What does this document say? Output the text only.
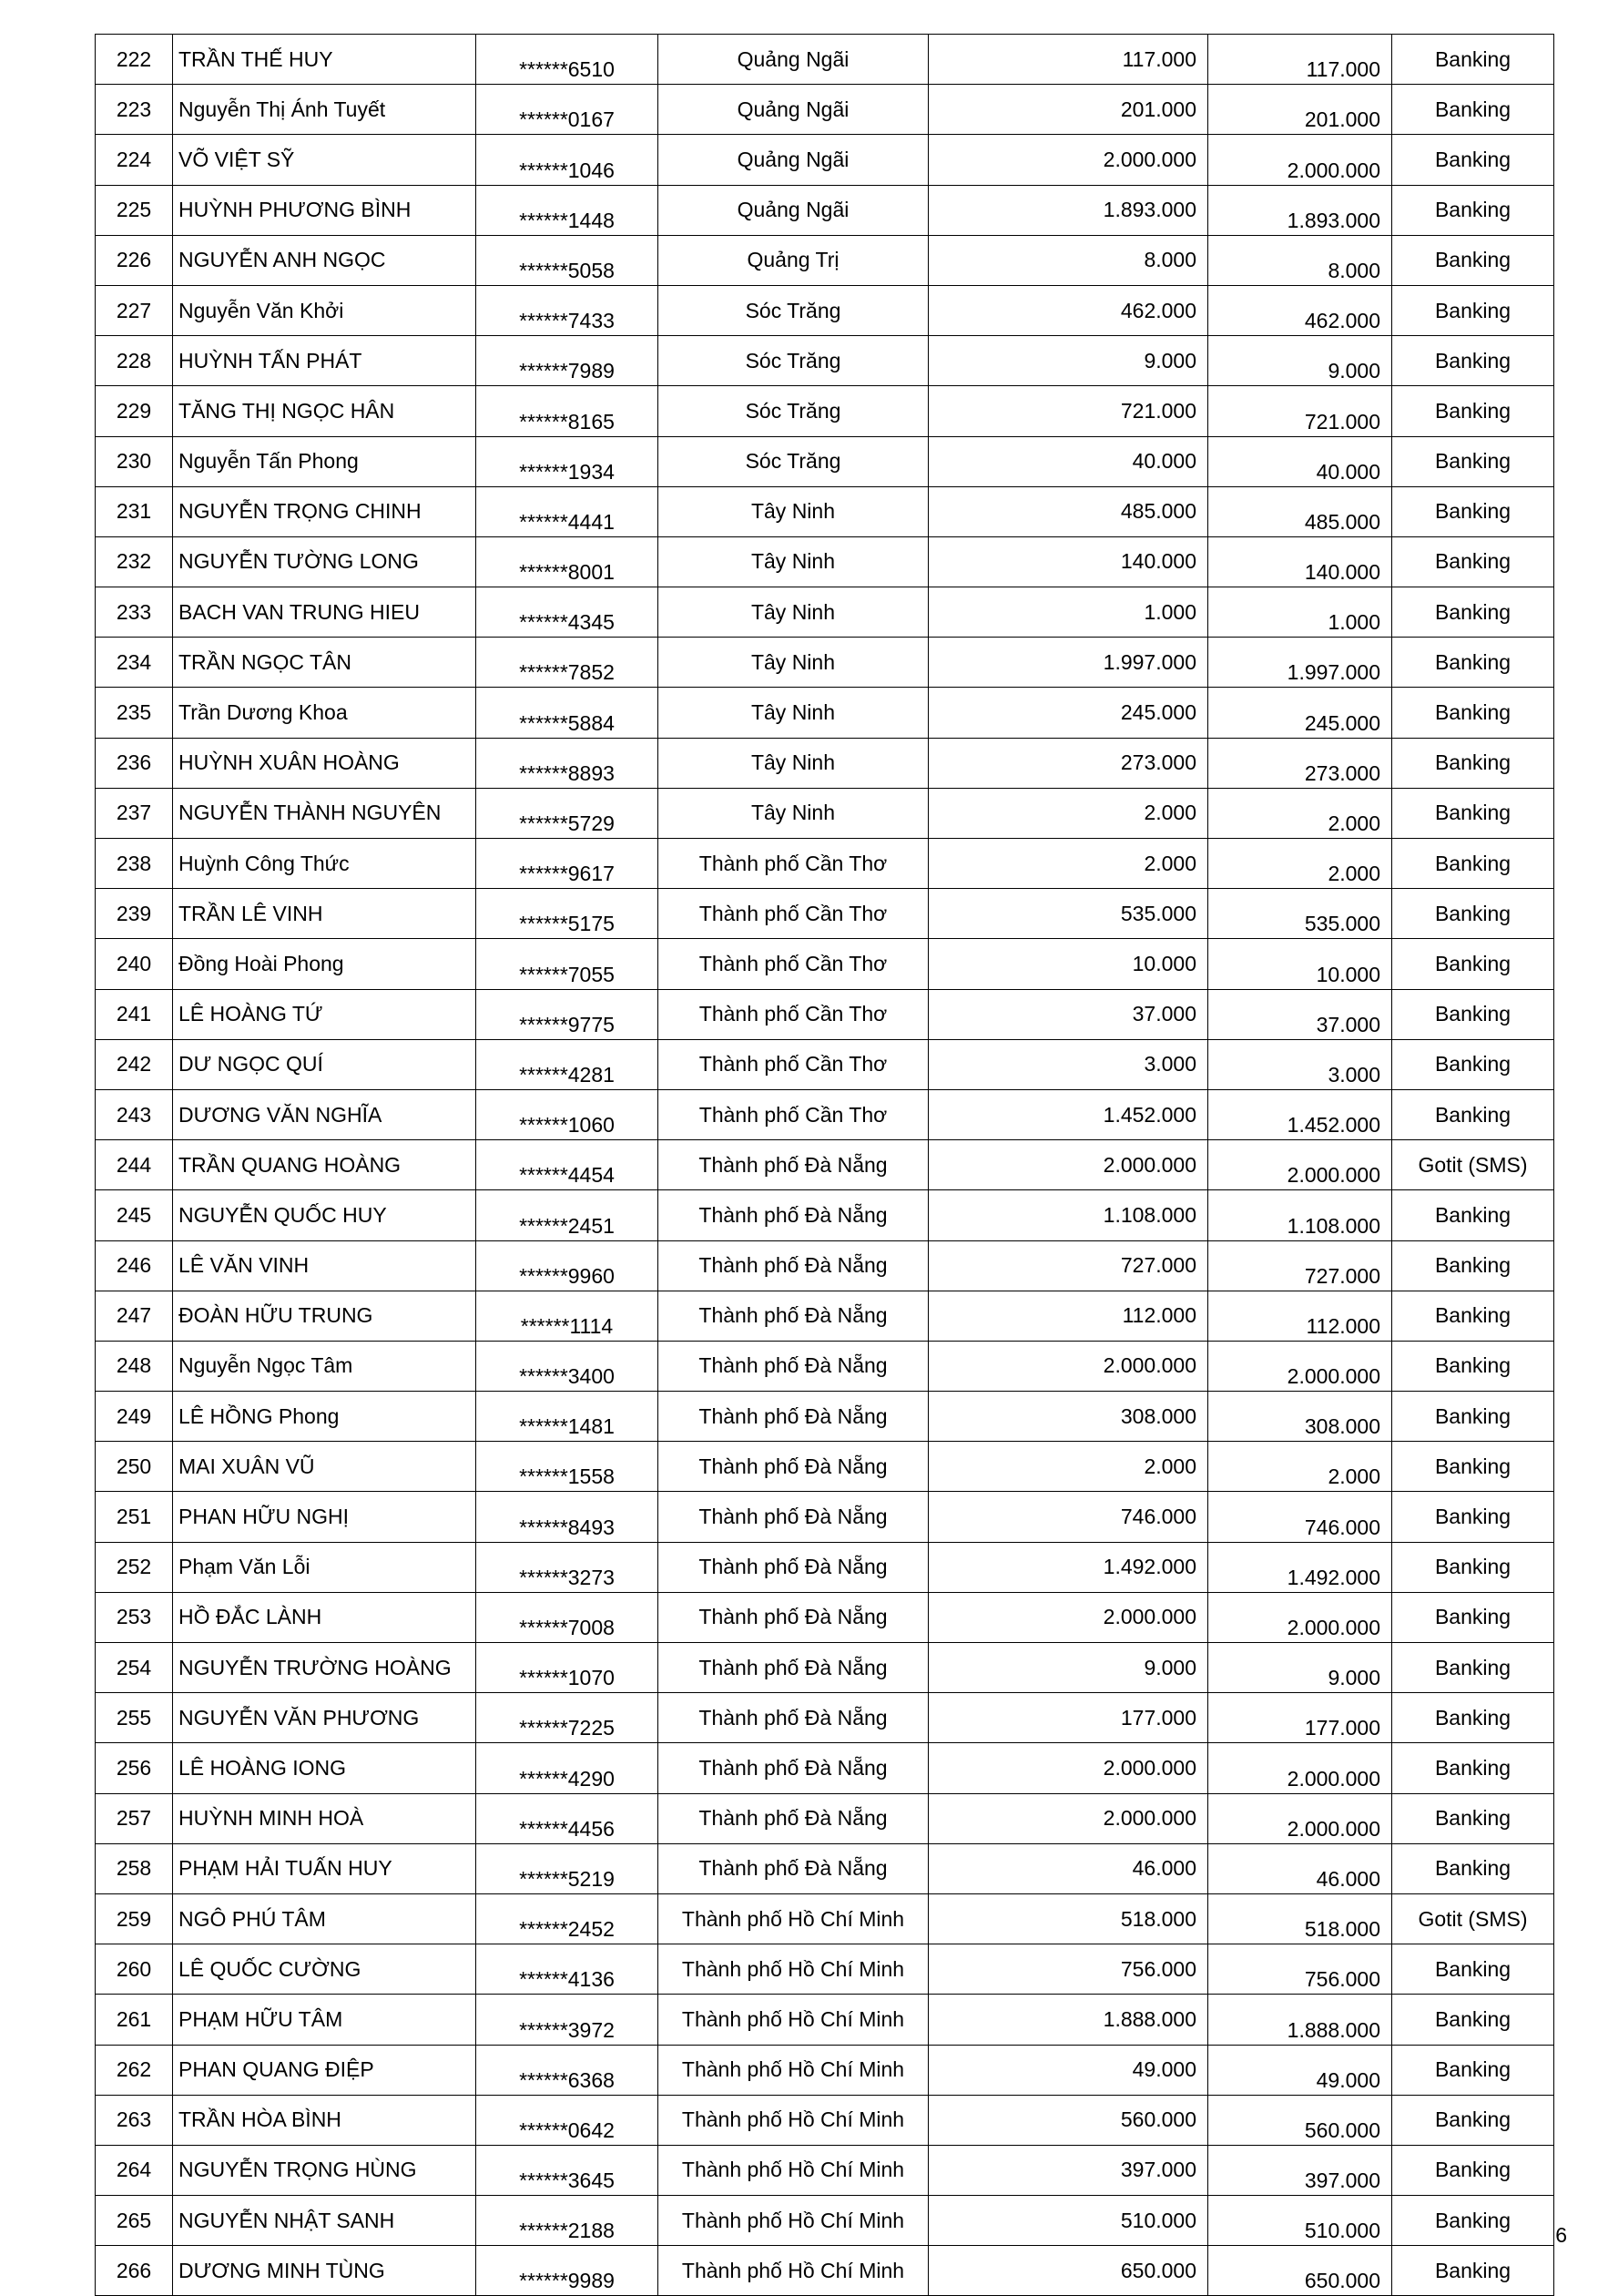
222	TRẦN THẾ HUY	******6510	Quảng Ngãi	117.000	117.000	Banking
223	Nguyễn Thị Ánh Tuyết	******0167	Quảng Ngãi	201.000	201.000	Banking
224	VÕ VIỆT SỸ	******1046	Quảng Ngãi	2.000.000	2.000.000	Banking
225	HUỲNH PHƯƠNG BÌNH	******1448	Quảng Ngãi	1.893.000	1.893.000	Banking
226	NGUYỄN ANH NGỌC	******5058	Quảng Trị	8.000	8.000	Banking
227	Nguyễn Văn Khởi	******7433	Sóc Trăng	462.000	462.000	Banking
228	HUỲNH TẤN PHÁT	******7989	Sóc Trăng	9.000	9.000	Banking
229	TĂNG THỊ NGỌC HÂN	******8165	Sóc Trăng	721.000	721.000	Banking
230	Nguyễn Tấn Phong	******1934	Sóc Trăng	40.000	40.000	Banking
231	NGUYỄN TRỌNG CHINH	******4441	Tây Ninh	485.000	485.000	Banking
232	NGUYỄN TƯỜNG LONG	******8001	Tây Ninh	140.000	140.000	Banking
233	BACH VAN TRUNG HIEU	******4345	Tây Ninh	1.000	1.000	Banking
234	TRẦN NGỌC TÂN	******7852	Tây Ninh	1.997.000	1.997.000	Banking
235	Trần Dương Khoa	******5884	Tây Ninh	245.000	245.000	Banking
236	HUỲNH XUÂN HOÀNG	******8893	Tây Ninh	273.000	273.000	Banking
237	NGUYỄN THÀNH NGUYÊN	******5729	Tây Ninh	2.000	2.000	Banking
238	Huỳnh Công Thức	******9617	Thành phố Cần Thơ	2.000	2.000	Banking
239	TRẦN LÊ VINH	******5175	Thành phố Cần Thơ	535.000	535.000	Banking
240	Đồng Hoài Phong	******7055	Thành phố Cần Thơ	10.000	10.000	Banking
241	LÊ HOÀNG TỨ	******9775	Thành phố Cần Thơ	37.000	37.000	Banking
242	DƯ NGỌC QUÍ	******4281	Thành phố Cần Thơ	3.000	3.000	Banking
243	DƯƠNG VĂN NGHĨA	******1060	Thành phố Cần Thơ	1.452.000	1.452.000	Banking
244	TRẦN QUANG HOÀNG	******4454	Thành phố Đà Nẵng	2.000.000	2.000.000	Gotit (SMS)
245	NGUYỄN QUỐC HUY	******2451	Thành phố Đà Nẵng	1.108.000	1.108.000	Banking
246	LÊ VĂN VINH	******9960	Thành phố Đà Nẵng	727.000	727.000	Banking
247	ĐOÀN HỮU TRUNG	******1114	Thành phố Đà Nẵng	112.000	112.000	Banking
248	Nguyễn Ngọc Tâm	******3400	Thành phố Đà Nẵng	2.000.000	2.000.000	Banking
249	LÊ HỒNG Phong	******1481	Thành phố Đà Nẵng	308.000	308.000	Banking
250	MAI XUÂN VŨ	******1558	Thành phố Đà Nẵng	2.000	2.000	Banking
251	PHAN HỮU NGHỊ	******8493	Thành phố Đà Nẵng	746.000	746.000	Banking
252	Phạm Văn Lỗi	******3273	Thành phố Đà Nẵng	1.492.000	1.492.000	Banking
253	HỒ ĐẮC LÀNH	******7008	Thành phố Đà Nẵng	2.000.000	2.000.000	Banking
254	NGUYỄN TRƯỜNG HOÀNG	******1070	Thành phố Đà Nẵng	9.000	9.000	Banking
255	NGUYỄN VĂN PHƯƠNG	******7225	Thành phố Đà Nẵng	177.000	177.000	Banking
256	LÊ HOÀNG IONG	******4290	Thành phố Đà Nẵng	2.000.000	2.000.000	Banking
257	HUỲNH MINH HOÀ	******4456	Thành phố Đà Nẵng	2.000.000	2.000.000	Banking
258	PHẠM HẢI TUẤN HUY	******5219	Thành phố Đà Nẵng	46.000	46.000	Banking
259	NGÔ PHÚ TÂM	******2452	Thành phố Hồ Chí Minh	518.000	518.000	Gotit (SMS)
260	LÊ QUỐC CƯỜNG	******4136	Thành phố Hồ Chí Minh	756.000	756.000	Banking
261	PHẠM HỮU TÂM	******3972	Thành phố Hồ Chí Minh	1.888.000	1.888.000	Banking
262	PHAN QUANG ĐIỆP	******6368	Thành phố Hồ Chí Minh	49.000	49.000	Banking
263	TRẦN HÒA BÌNH	******0642	Thành phố Hồ Chí Minh	560.000	560.000	Banking
264	NGUYỄN TRỌNG HÙNG	******3645	Thành phố Hồ Chí Minh	397.000	397.000	Banking
265	NGUYỄN NHẬT SANH	******2188	Thành phố Hồ Chí Minh	510.000	510.000	Banking
266	DƯƠNG MINH TÙNG	******9989	Thành phố Hồ Chí Minh	650.000	650.000	Banking
6
